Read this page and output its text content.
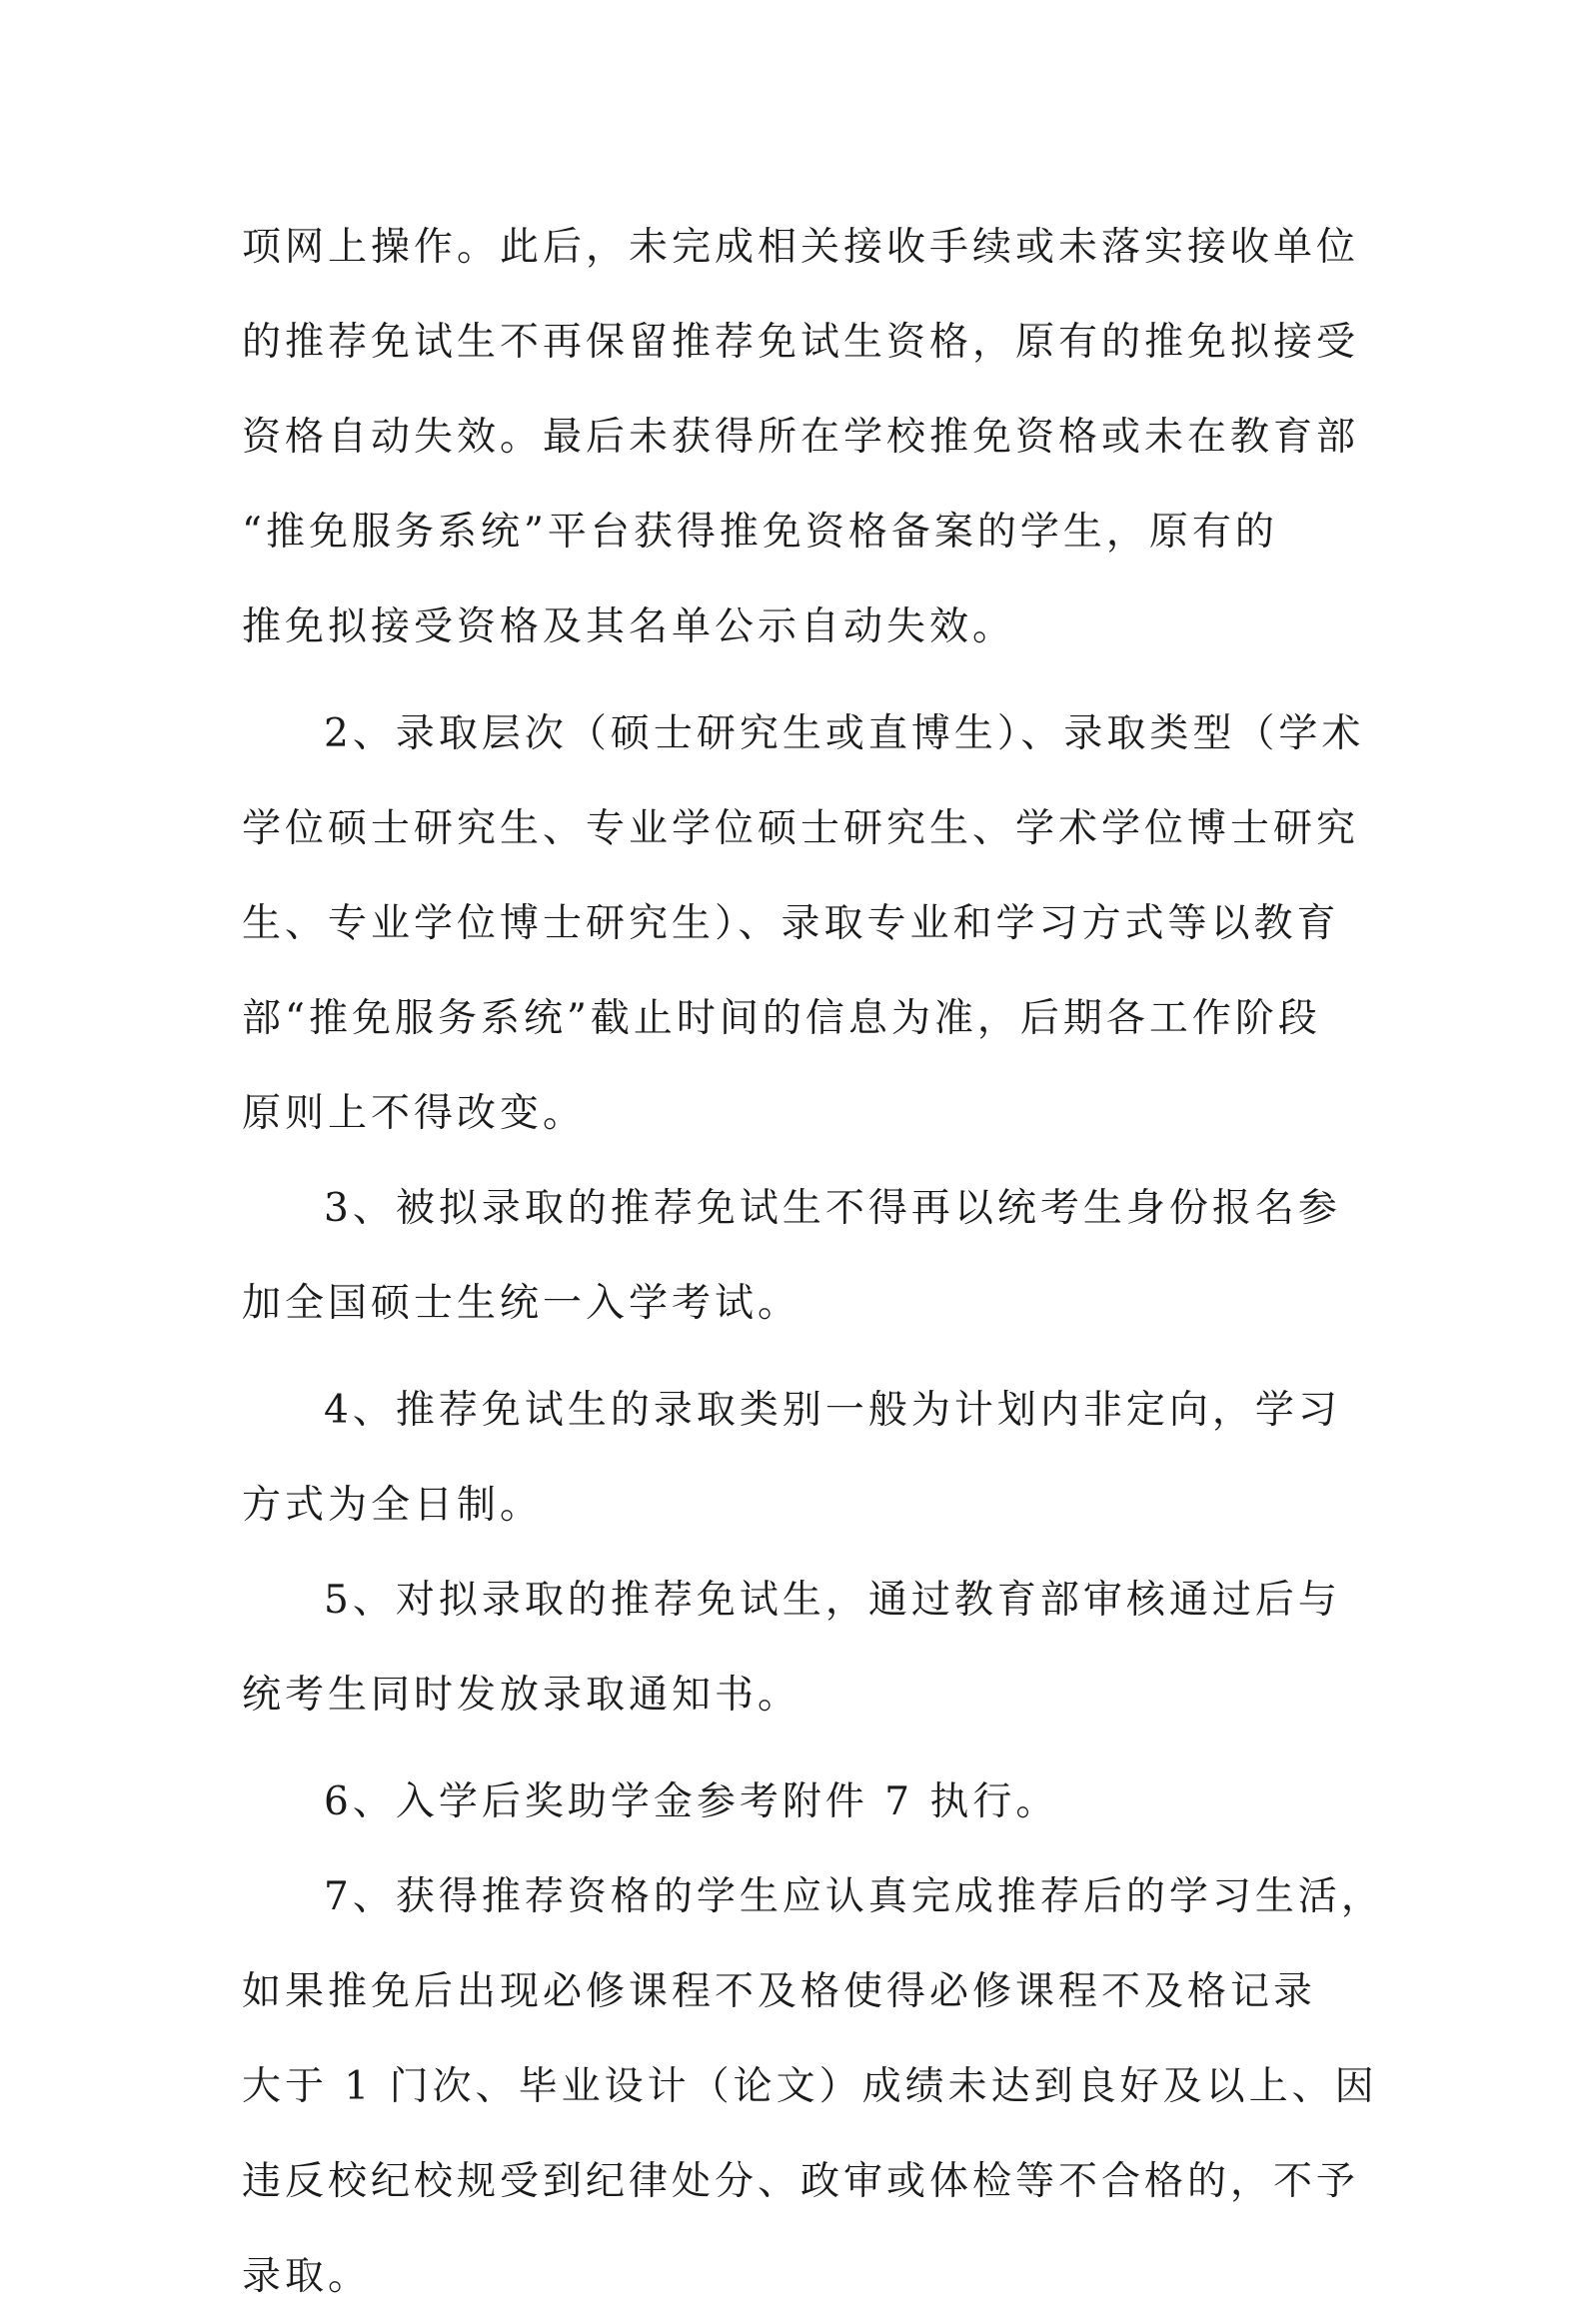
项网上操作。此后，未完成相关接收手续或未落实接收单位
的推荐免试生不再保留推荐免试生资格，原有的推免拟接受
资格自动失效。最后未获得所在学校推免资格或未在教育部
“推免服务系统”平台获得推免资格备案的学生，原有的
推免拟接受资格及其名单公示自动失效。
2、录取层次（硕士研究生或直博生）、录取类型（学术
学位硕士研究生、专业学位硕士研究生、学术学位博士研究
生、专业学位博士研究生）、录取专业和学习方式等以教育
部“推免服务系统”截止时间的信息为准，后期各工作阶段
原则上不得改变。
3、被拟录取的推荐免试生不得再以统考生身份报名参
加全国硕士生统一入学考试。
4、推荐免试生的录取类别一般为计划内非定向，学习
方式为全日制。
5、对拟录取的推荐免试生，通过教育部审核通过后与
统考生同时发放录取通知书。
6、入学后奖助学金参考附件 7 执行。
7、获得推荐资格的学生应认真完成推荐后的学习生活，
如果推免后出现必修课程不及格使得必修课程不及格记录
大于 1 门次、毕业设计（论文）成绩未达到良好及以上、因
违反校纪校规受到纪律处分、政审或体检等不合格的，不予
录取。
